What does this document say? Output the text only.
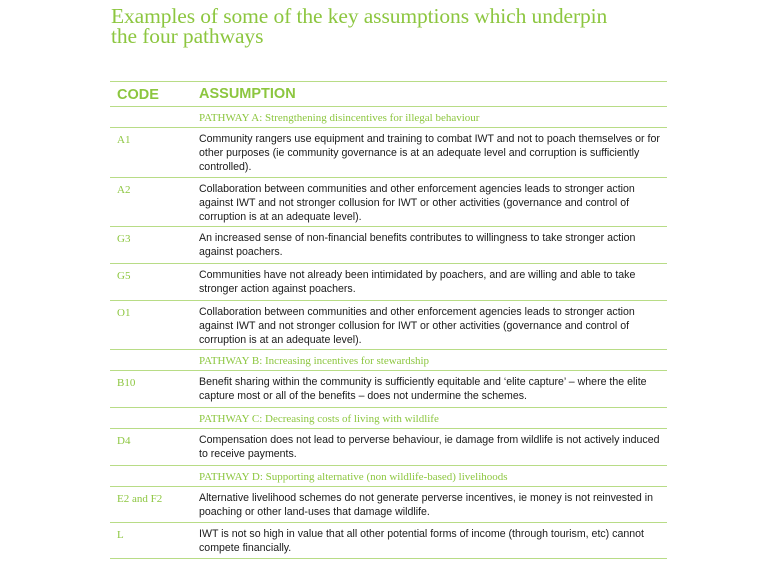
Examples of some of the key assumptions which underpin
the four pathways
CODE	ASSUMPTION
PATHWAY A: Strengthening disincentives for illegal behaviour
A1	Community rangers use equipment and training to combat IWT and not to poach themselves or for other purposes (ie community governance is at an adequate level and corruption is sufficiently controlled).
A2	Collaboration between communities and other enforcement agencies leads to stronger action against IWT and not stronger collusion for IWT or other activities (governance and control of corruption is at an adequate level).
G3	An increased sense of non-financial benefits contributes to willingness to take stronger action against poachers.
G5	Communities have not already been intimidated by poachers, and are willing and able to take stronger action against poachers.
O1	Collaboration between communities and other enforcement agencies leads to stronger action against IWT and not stronger collusion for IWT or other activities (governance and control of corruption is at an adequate level).
PATHWAY B: Increasing incentives for stewardship
B10	Benefit sharing within the community is sufficiently equitable and ‘elite capture’ – where the elite capture most or all of the benefits – does not undermine the schemes.
PATHWAY C: Decreasing costs of living with wildlife
D4	Compensation does not lead to perverse behaviour, ie damage from wildlife is not actively induced to receive payments.
PATHWAY D: Supporting alternative (non wildlife-based) livelihoods
E2 and F2	Alternative livelihood schemes do not generate perverse incentives, ie money is not reinvested in poaching or other land-uses that damage wildlife.
L	IWT is not so high in value that all other potential forms of income (through tourism, etc) cannot compete financially.
